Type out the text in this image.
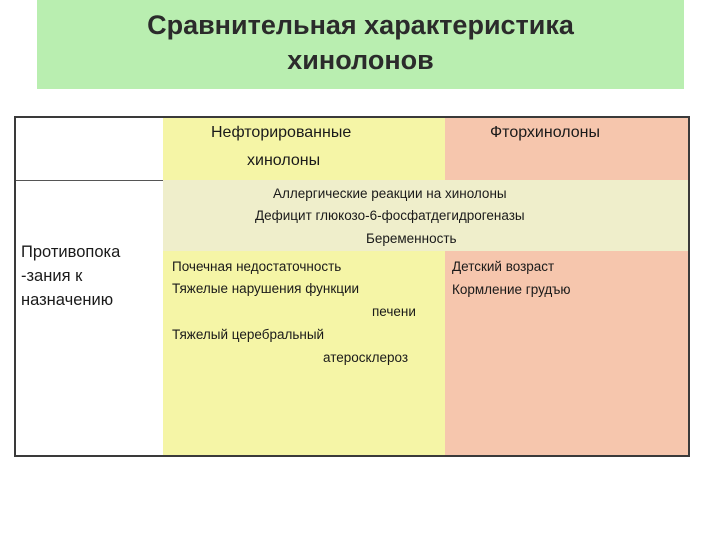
Сравнительная характеристика
хинолонов
Нефторированные
хинолоны
Фторхинолоны
Противопока
-зания к
назначению
Аллергические реакции на хинолоны
Дефицит глюкозо-6-фосфатдегидрогеназы
Беременность
Почечная недостаточность
Тяжелые нарушения функции
печени
Тяжелый церебральный
атеросклероз
Детский возраст
Кормление грудъю
